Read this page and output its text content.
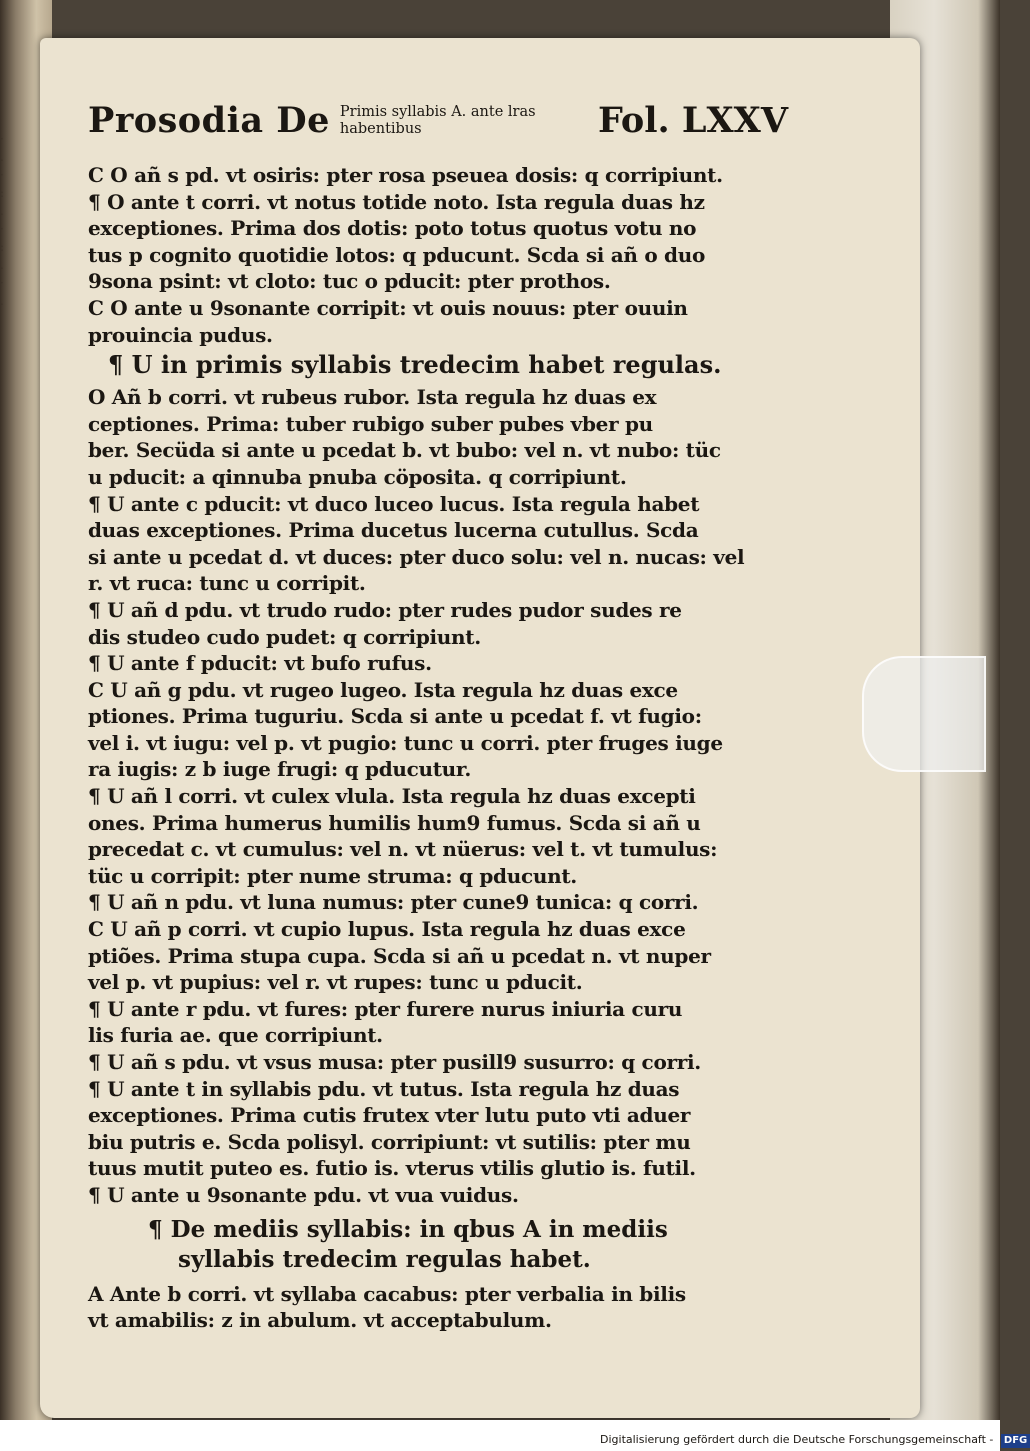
·
.
·
:
.
·
:
.
·
.
Prosodia De Primis syllabis A. ante lras habentibus	Fol. LXXV
C O añ s pd. vt osiris: pter rosa pseuea dosis: q corripiunt.
¶ O ante t corri. vt notus totide noto. Ista regula duas hz
exceptiones. Prima dos dotis: poto totus quotus votu no
tus p cognito quotidie lotos: q pducunt. Scda si añ o duo
9sona psint: vt cloto: tuc o pducit: pter prothos.
C O ante u 9sonante corripit: vt ouis nouus: pter ouuin
prouincia pudus.
¶ U in primis syllabis tredecim habet regulas.
O Añ b corri. vt rubeus rubor. Ista regula hz duas ex
ceptiones. Prima: tuber rubigo suber pubes vber pu
ber. Secüda si ante u pcedat b. vt bubo: vel n. vt nubo: tüc
u pducit: a qinnuba pnuba cöposita. q corripiunt.
¶ U ante c pducit: vt duco luceo lucus. Ista regula habet
duas exceptiones. Prima ducetus lucerna cutullus. Scda
si ante u pcedat d. vt duces: pter duco solu: vel n. nucas: vel
r. vt ruca: tunc u corripit.
¶ U añ d pdu. vt trudo rudo: pter rudes pudor sudes re
dis studeo cudo pudet: q corripiunt.
¶ U ante f pducit: vt bufo rufus.
C U añ g pdu. vt rugeo lugeo. Ista regula hz duas exce
ptiones. Prima tuguriu. Scda si ante u pcedat f. vt fugio:
vel i. vt iugu: vel p. vt pugio: tunc u corri. pter fruges iuge
ra iugis: z b iuge frugi: q pducutur.
¶ U añ l corri. vt culex vlula. Ista regula hz duas excepti
ones. Prima humerus humilis hum9 fumus. Scda si añ u
precedat c. vt cumulus: vel n. vt nüerus: vel t. vt tumulus:
tüc u corripit: pter nume struma: q pducunt.
¶ U añ n pdu. vt luna numus: pter cune9 tunica: q corri.
C U añ p corri. vt cupio lupus. Ista regula hz duas exce
ptiões. Prima stupa cupa. Scda si añ u pcedat n. vt nuper
vel p. vt pupius: vel r. vt rupes: tunc u pducit.
¶ U ante r pdu. vt fures: pter furere nurus iniuria curu
lis furia ae. que corripiunt.
¶ U añ s pdu. vt vsus musa: pter pusill9 susurro: q corri.
¶ U ante t in syllabis pdu. vt tutus. Ista regula hz duas
exceptiones. Prima cutis frutex vter lutu puto vti aduer
biu putris e. Scda polisyl. corripiunt: vt sutilis: pter mu
tuus mutit puteo es. futio is. vterus vtilis glutio is. futil.
¶ U ante u 9sonante pdu. vt vua vuidus.
¶ De mediis syllabis: in qbus A in mediis
syllabis tredecim regulas habet.
A Ante b corri. vt syllaba cacabus: pter verbalia in bilis
vt amabilis: z in abulum. vt acceptabulum.
Digitalisierung gefördert durch die Deutsche Forschungsgemeinschaft - DFG
